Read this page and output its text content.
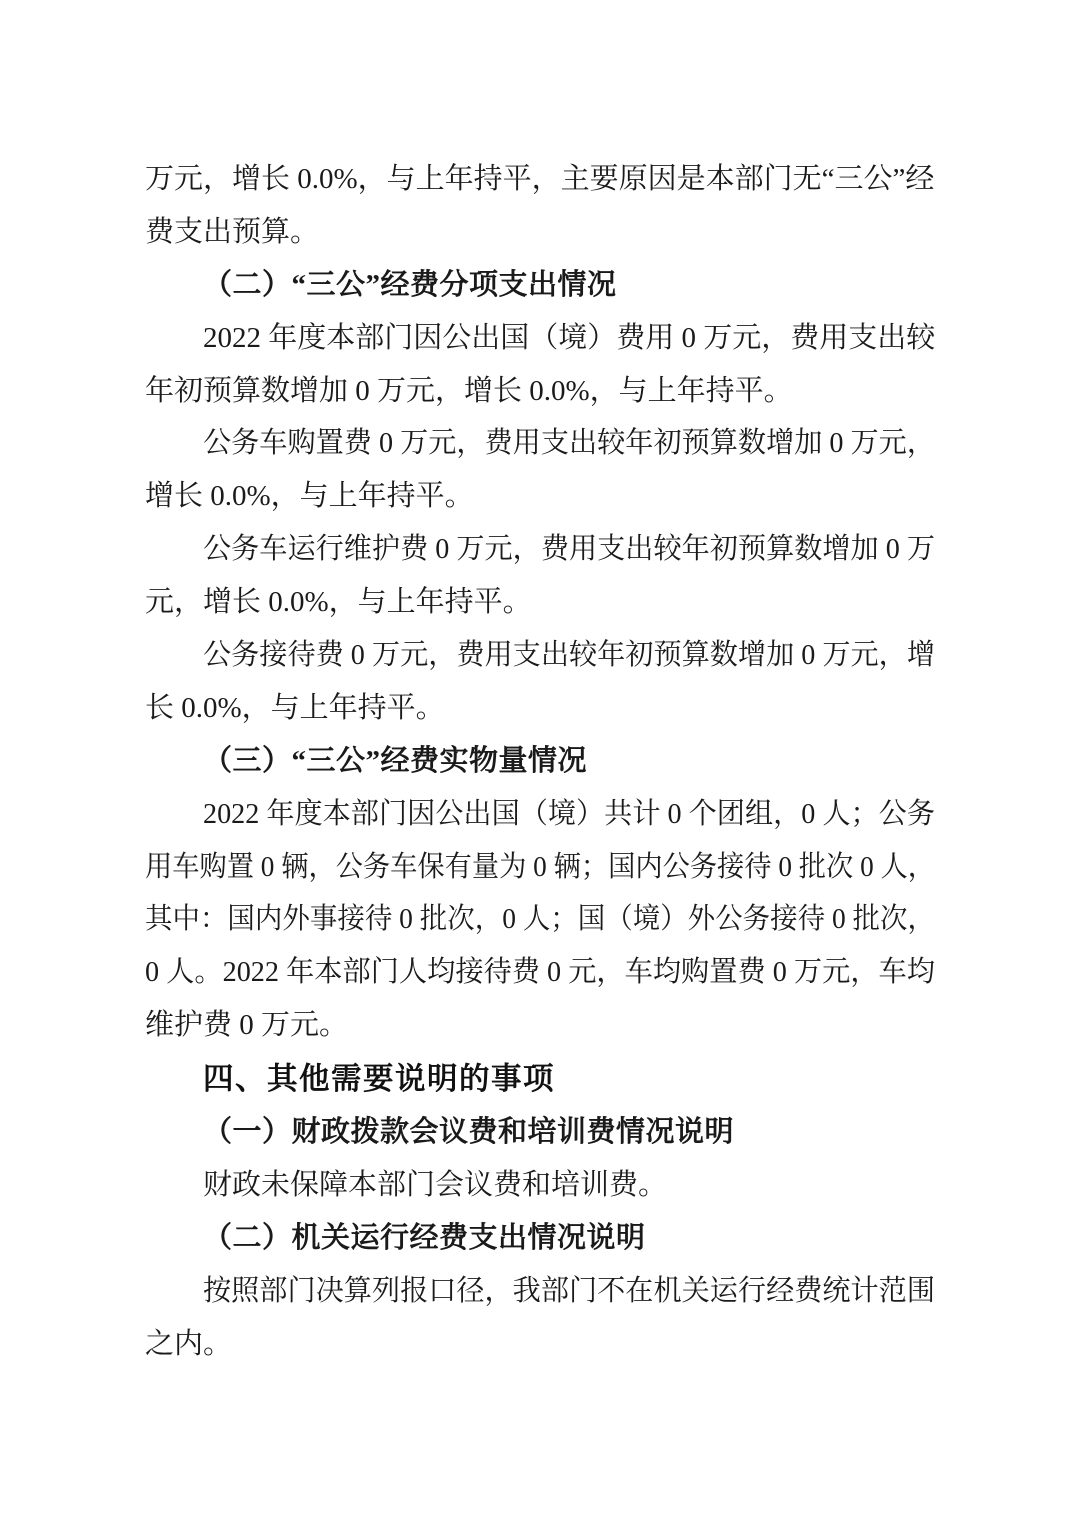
万元，增长 0.0%，与上年持平，主要原因是本部门无“三公”经
费支出预算。
（二）“三公”经费分项支出情况
2022 年度本部门因公出国（境）费用 0 万元，费用支出较
年初预算数增加 0 万元，增长 0.0%，与上年持平。
公务车购置费 0 万元，费用支出较年初预算数增加 0 万元，
增长 0.0%，与上年持平。
公务车运行维护费 0 万元，费用支出较年初预算数增加 0 万
元，增长 0.0%，与上年持平。
公务接待费 0 万元，费用支出较年初预算数增加 0 万元，增
长 0.0%，与上年持平。
（三）“三公”经费实物量情况
2022 年度本部门因公出国（境）共计 0 个团组，0 人；公务
用车购置 0 辆，公务车保有量为 0 辆；国内公务接待 0 批次 0 人，
其中：国内外事接待 0 批次，0 人；国（境）外公务接待 0 批次，
0 人。2022 年本部门人均接待费 0 元，车均购置费 0 万元，车均
维护费 0 万元。
四、其他需要说明的事项
（一）财政拨款会议费和培训费情况说明
财政未保障本部门会议费和培训费。
（二）机关运行经费支出情况说明
按照部门决算列报口径，我部门不在机关运行经费统计范围
之内。
